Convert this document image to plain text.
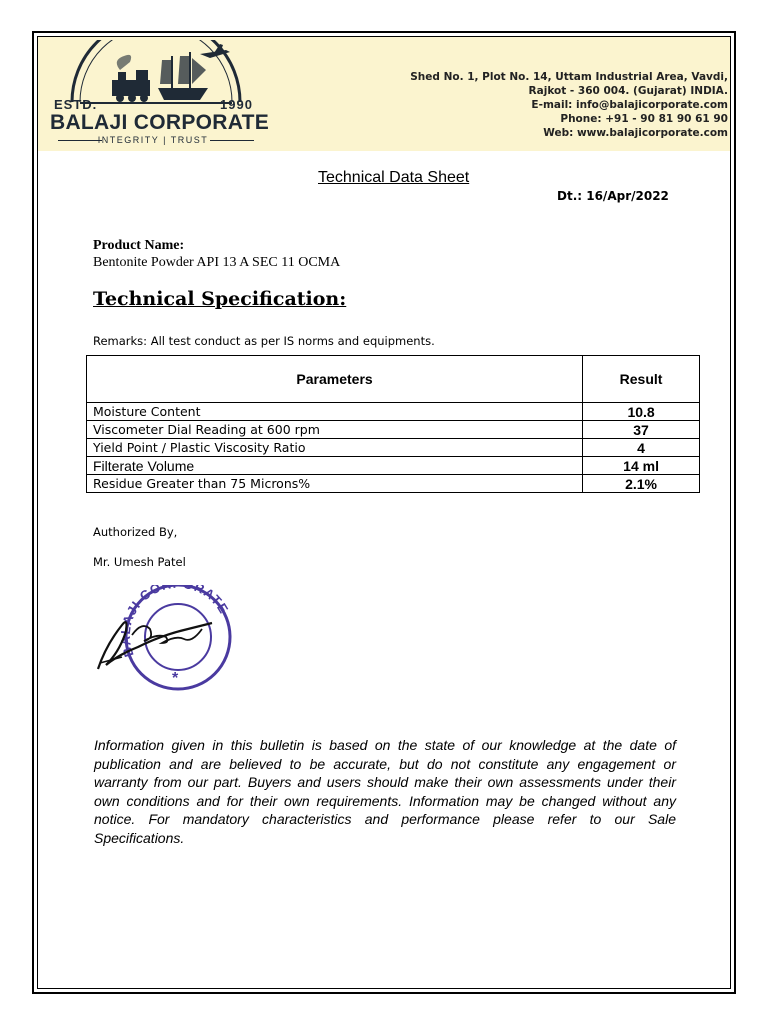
ESTD.	1990
BALAJI CORPORATE
INTEGRITY | TRUST
Shed No. 1, Plot No. 14, Uttam Industrial Area, Vavdi,
Rajkot - 360 004. (Gujarat) INDIA.
E-mail: info@balajicorporate.com
Phone: +91 - 90 81 90 61 90
Web: www.balajicorporate.com
Technical Data Sheet
Dt.: 16/Apr/2022
Product Name:
Bentonite Powder API 13 A SEC 11 OCMA
Technical Specification:
Remarks: All test conduct as per IS norms and equipments.
Parameters	Result
Moisture Content	10.8
Viscometer Dial Reading at 600 rpm	37
Yield Point / Plastic Viscosity Ratio	4
Filterate Volume	14 ml
Residue Greater than 75 Microns%	2.1%
Authorized By,
Mr. Umesh Patel
BALAJI CO RATE
*
Information given in this bulletin is based on the state of our knowledge at the date of publication and are believed to be accurate, but do not constitute any engagement or warranty from our part. Buyers and users should make their own assessments under their own conditions and for their own requirements. Information may be changed without any notice. For mandatory characteristics and performance please refer to our Sale Specifications.
